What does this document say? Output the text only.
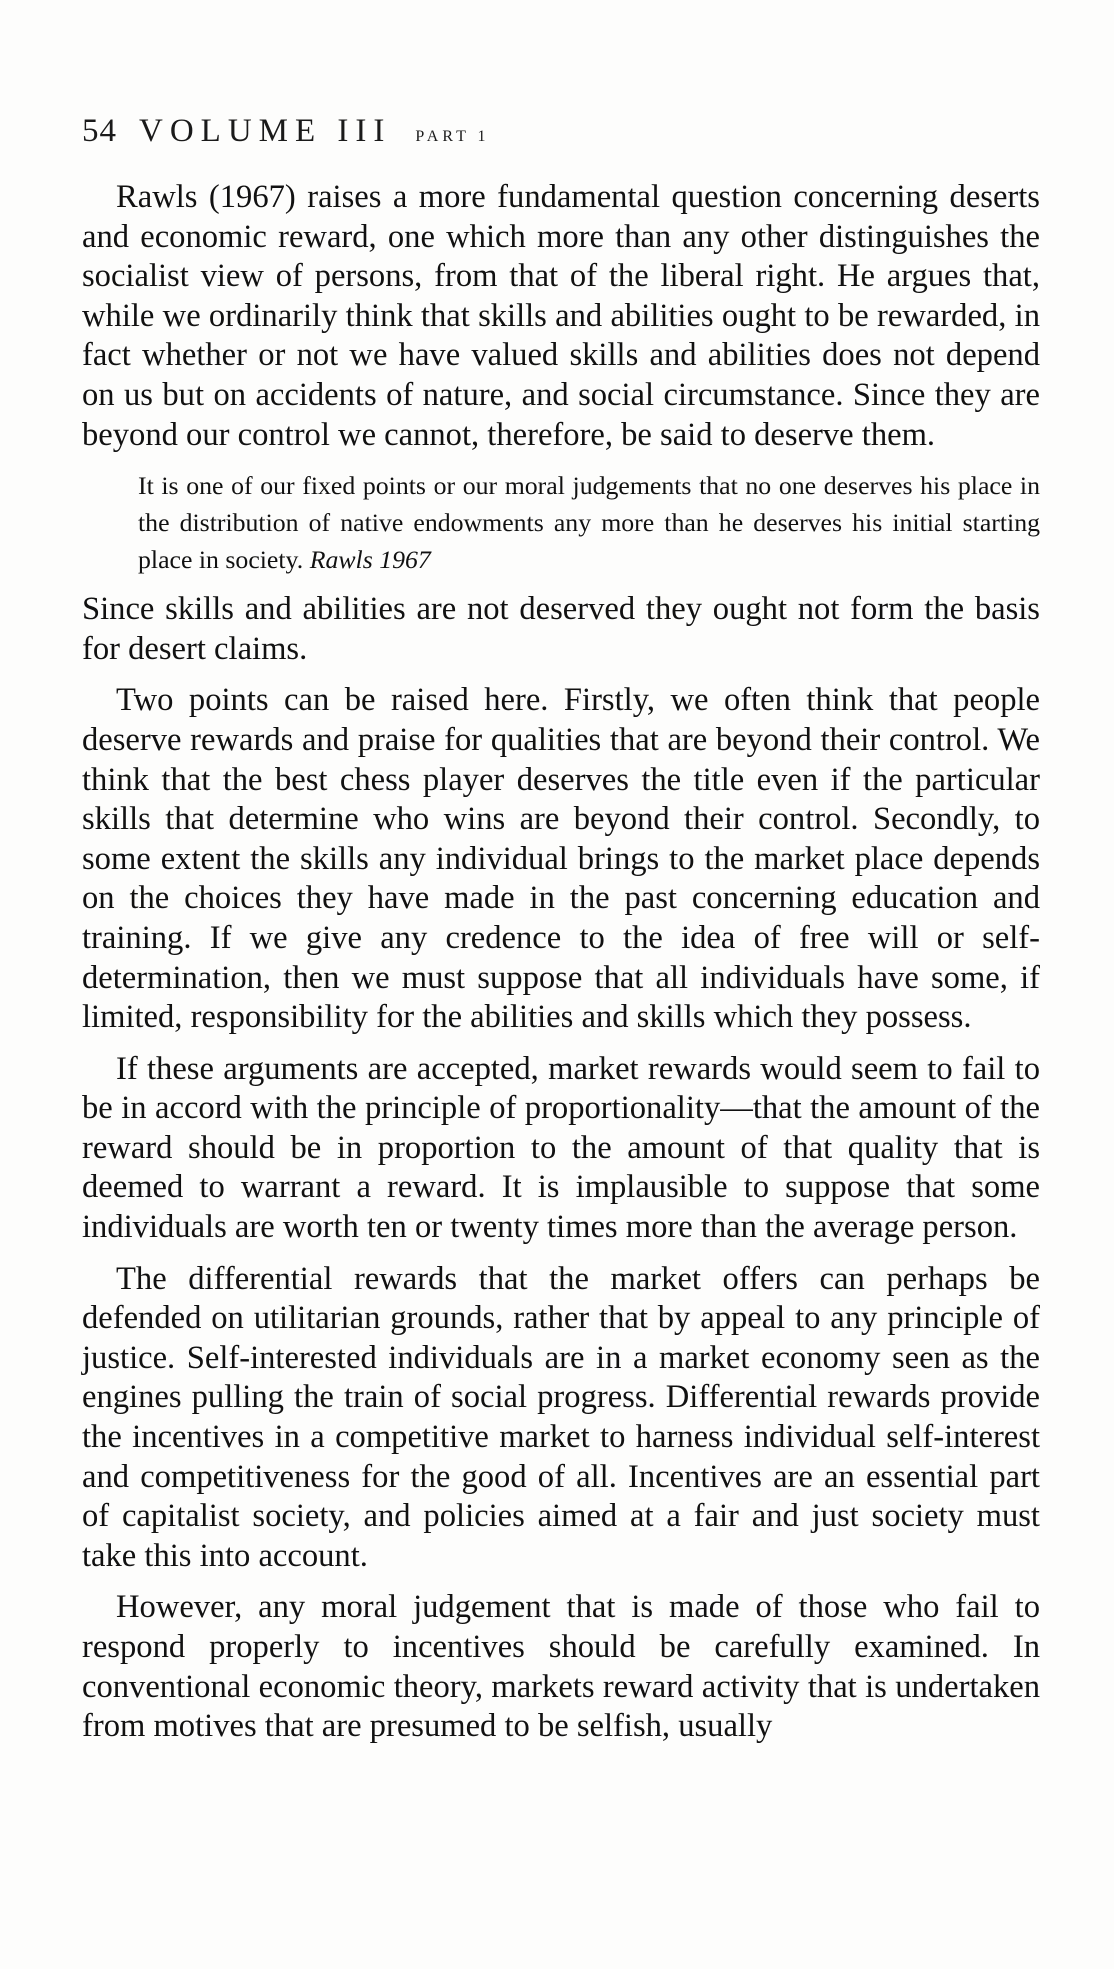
54 VOLUME III PART 1

Rawls (1967) raises a more fundamental question concerning deserts and economic reward, one which more than any other distinguishes the socialist view of persons, from that of the liberal right. He argues that, while we ordinarily think that skills and abilities ought to be rewarded, in fact whether or not we have valued skills and abilities does not depend on us but on accidents of nature, and social circumstance. Since they are beyond our control we cannot, therefore, be said to deserve them.

It is one of our fixed points or our moral judgements that no one deserves his place in the distribution of native endowments any more than he deserves his initial starting place in society. Rawls 1967

Since skills and abilities are not deserved they ought not form the basis for desert claims.

Two points can be raised here. Firstly, we often think that people deserve rewards and praise for qualities that are beyond their control. We think that the best chess player deserves the title even if the particular skills that determine who wins are beyond their control. Secondly, to some extent the skills any individual brings to the market place depends on the choices they have made in the past concerning education and training. If we give any credence to the idea of free will or self-determination, then we must suppose that all individuals have some, if limited, responsibility for the abilities and skills which they possess.

If these arguments are accepted, market rewards would seem to fail to be in accord with the principle of proportionality—that the amount of the reward should be in proportion to the amount of that quality that is deemed to warrant a reward. It is implausible to suppose that some individuals are worth ten or twenty times more than the average person.

The differential rewards that the market offers can perhaps be defended on utilitarian grounds, rather that by appeal to any principle of justice. Self-interested individuals are in a market economy seen as the engines pulling the train of social progress. Differential rewards provide the incentives in a competitive market to harness individual self-interest and competitiveness for the good of all. Incentives are an essential part of capitalist society, and policies aimed at a fair and just society must take this into account.

However, any moral judgement that is made of those who fail to respond properly to incentives should be carefully examined. In conventional economic theory, markets reward activity that is undertaken from motives that are presumed to be selfish, usually
